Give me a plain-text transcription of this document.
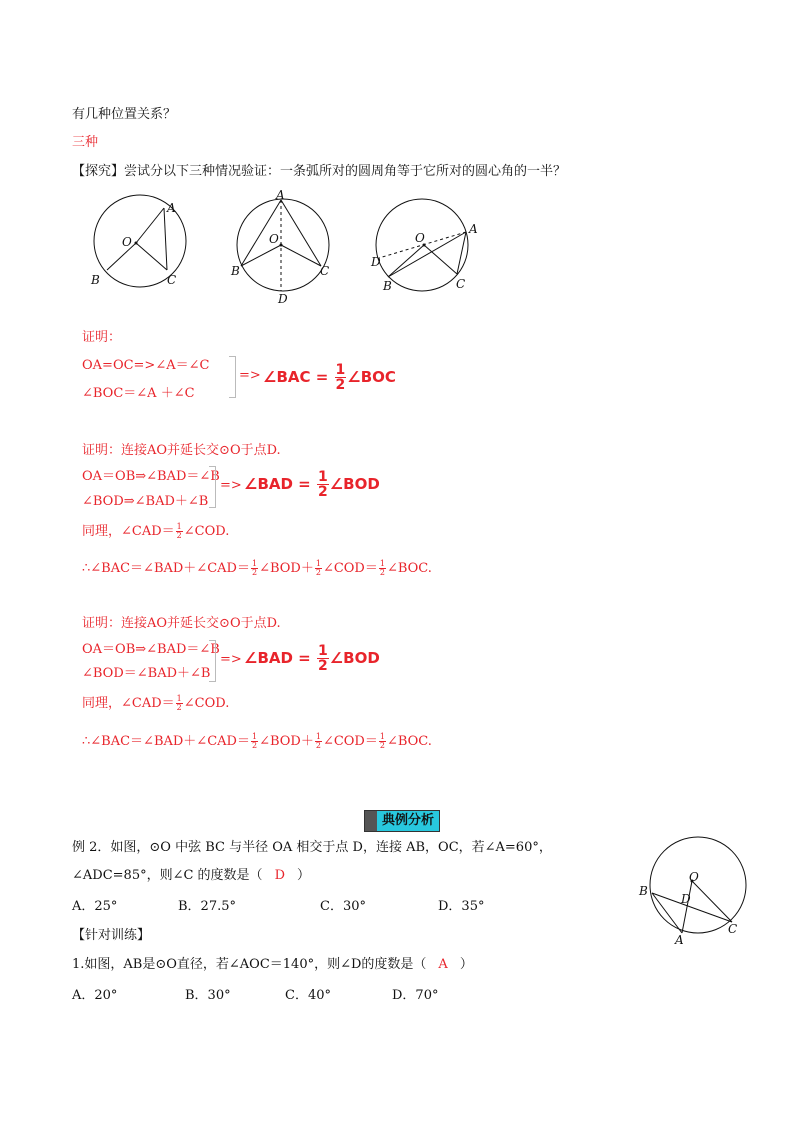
有几种位置关系？
三种
【探究】尝试分以下三种情况验证：一条弧所对的圆周角等于它所对的圆心角的一半？
A
O
B	C
A
O
B	C
D
O
A
D
B	C
证明：
OA=OC=>∠A＝∠C
∠BOC＝∠A ＋∠C
=> ∠BAC = $\frac{1}{2}$ ∠BOC
证明：连接AO并延长交⊙O于点D.
OA＝OB⇒∠BAD＝∠B
∠BOD⇒∠BAD＋∠B
=> ∠BAD = $\frac{1}{2}$ ∠BOD
同理，∠CAD＝ $\frac{1}{2}$ ∠COD.
∴∠BAC＝∠BAD＋∠CAD＝ $\frac{1}{2}$ ∠BOD＋ $\frac{1}{2}$ ∠COD＝ $\frac{1}{2}$ ∠BOC.
证明：连接AO并延长交⊙O于点D.
OA＝OB⇒∠BAD＝∠B
∠BOD＝∠BAD＋∠B
=> ∠BAD = $\frac{1}{2}$ ∠BOD
同理，∠CAD＝ $\frac{1}{2}$ ∠COD.
∴∠BAC＝∠BAD＋∠CAD＝ $\frac{1}{2}$ ∠BOD＋ $\frac{1}{2}$ ∠COD＝ $\frac{1}{2}$ ∠BOC.
典例分析
例 2．如图，⊙O 中弦 BC 与半径 OA 相交于点 D，连接 AB，OC，若∠A=60°，
∠ADC=85°，则∠C 的度数是（ D ）
A．25°	B．27.5°	C．30°	D．35°
O
B
D
A
C
【针对训练】
1.如图，AB是⊙O直径，若∠AOC＝140°，则∠D的度数是（ A ）
A．20°	B．30°	C．40°	D．70°
